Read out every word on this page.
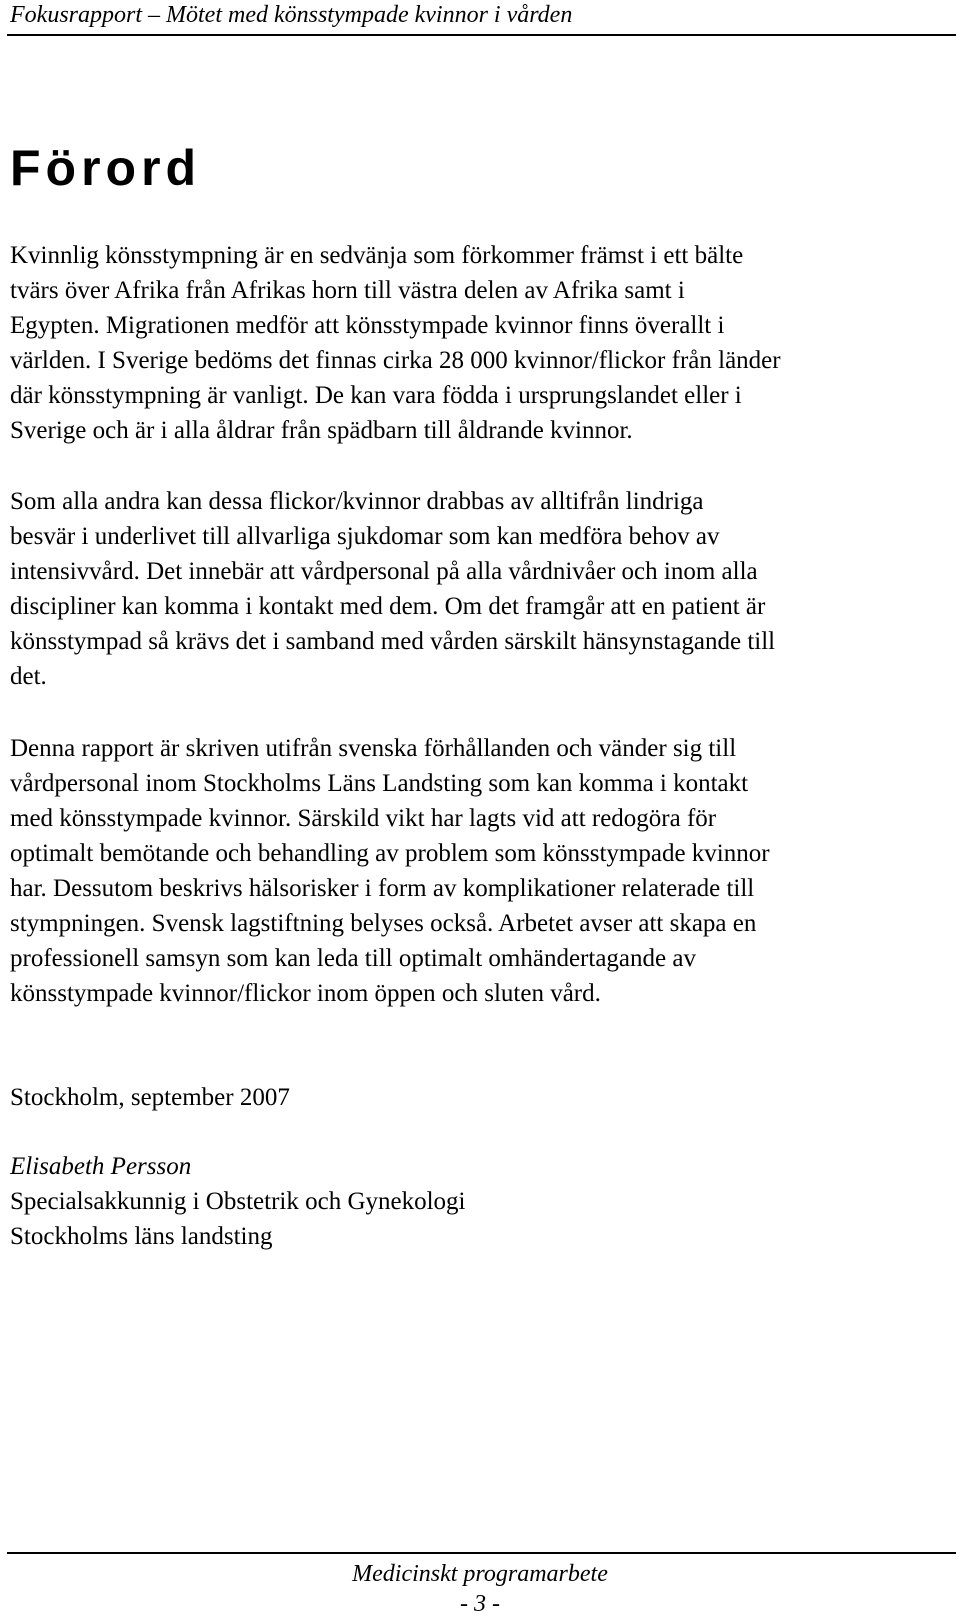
Fokusrapport – Mötet med könsstympade kvinnor i vården
Förord

Kvinnlig könsstympning är en sedvänja som förkommer främst i ett bälte
tvärs över Afrika från Afrikas horn till västra delen av Afrika samt i
Egypten. Migrationen medför att könsstympade kvinnor finns överallt i
världen. I Sverige bedöms det finnas cirka 28 000 kvinnor/flickor från länder
där könsstympning är vanligt. De kan vara födda i ursprungslandet eller i
Sverige och är i alla åldrar från spädbarn till åldrande kvinnor.

Som alla andra kan dessa flickor/kvinnor drabbas av alltifrån lindriga
besvär i underlivet till allvarliga sjukdomar som kan medföra behov av
intensivvård. Det innebär att vårdpersonal på alla vårdnivåer och inom alla
discipliner kan komma i kontakt med dem. Om det framgår att en patient är
könsstympad så krävs det i samband med vården särskilt hänsynstagande till
det.

Denna rapport är skriven utifrån svenska förhållanden och vänder sig till
vårdpersonal inom Stockholms Läns Landsting som kan komma i kontakt
med könsstympade kvinnor. Särskild vikt har lagts vid att redogöra för
optimalt bemötande och behandling av problem som könsstympade kvinnor
har. Dessutom beskrivs hälsorisker i form av komplikationer relaterade till
stympningen. Svensk lagstiftning belyses också. Arbetet avser att skapa en
professionell samsyn som kan leda till optimalt omhändertagande av
könsstympade kvinnor/flickor inom öppen och sluten vård.

Stockholm, september 2007

Elisabeth Persson
Specialsakkunnig i Obstetrik och Gynekologi
Stockholms läns landsting
Medicinskt programarbete
- 3 -
